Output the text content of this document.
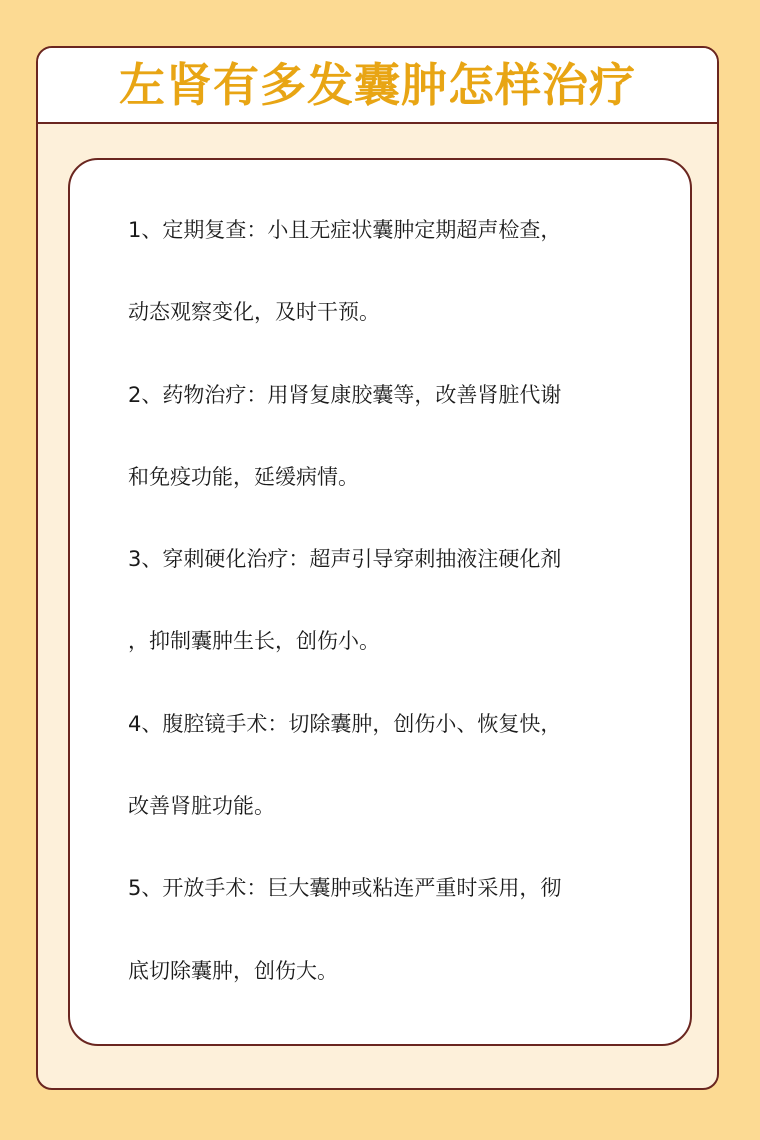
左肾有多发囊肿怎样治疗
1、定期复查：小且无症状囊肿定期超声检查，
动态观察变化，及时干预。
2、药物治疗：用肾复康胶囊等，改善肾脏代谢
和免疫功能，延缓病情。
3、穿刺硬化治疗：超声引导穿刺抽液注硬化剂
，抑制囊肿生长，创伤小。
4、腹腔镜手术：切除囊肿，创伤小、恢复快，
改善肾脏功能。
5、开放手术：巨大囊肿或粘连严重时采用，彻
底切除囊肿，创伤大。
